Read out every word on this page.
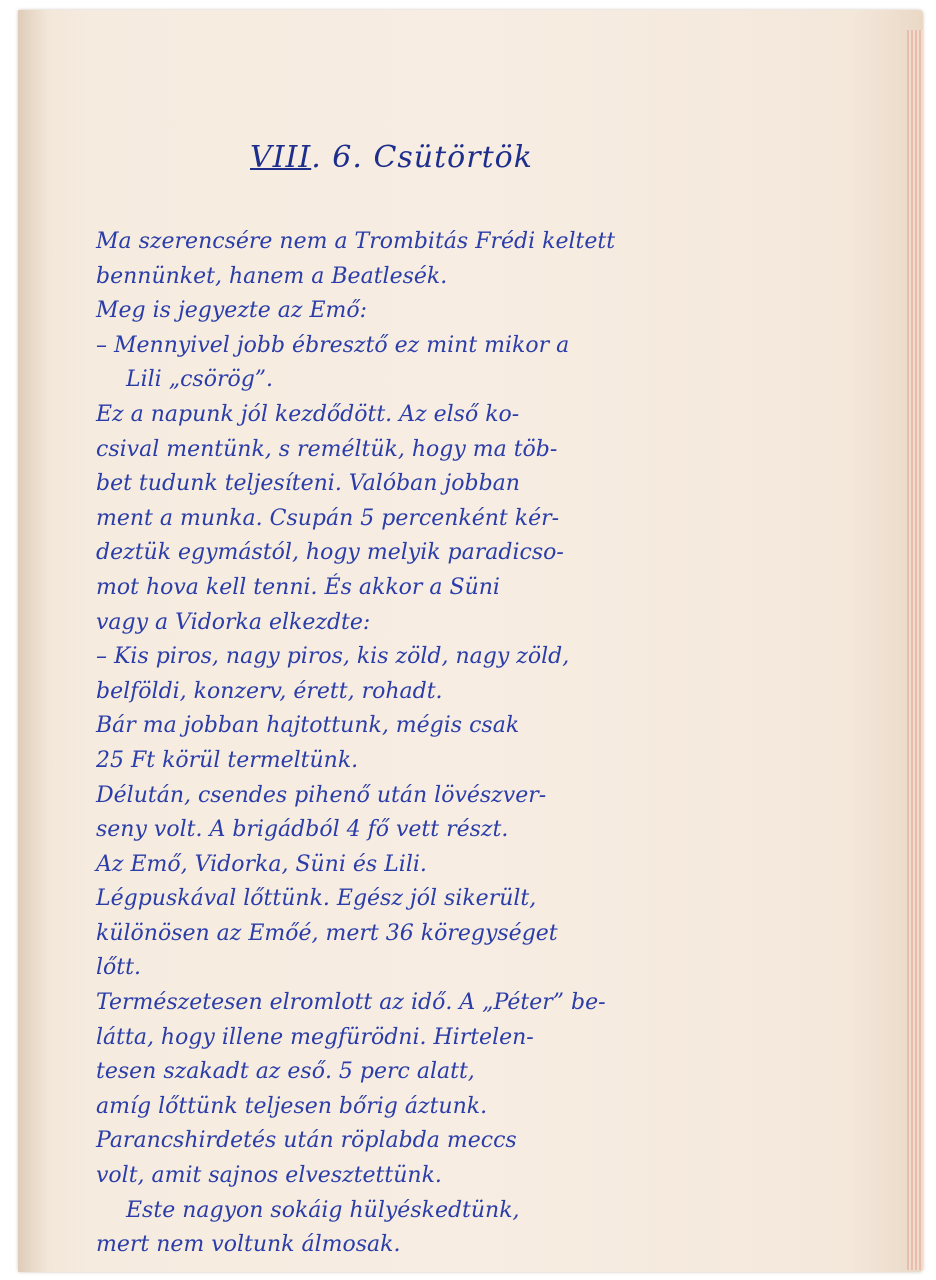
VIII. 6. Csütörtök
Ma szerencsére nem a Trombitás Frédi keltett
bennünket, hanem a Beatlesék.
Meg is jegyezte az Emő:
– Mennyivel jobb ébresztő ez mint mikor a
Lili „csörög”.
Ez a napunk jól kezdődött. Az első ko-
csival mentünk, s reméltük, hogy ma töb-
bet tudunk teljesíteni. Valóban jobban
ment a munka. Csupán 5 percenként kér-
deztük egymástól, hogy melyik paradicso-
mot hova kell tenni. És akkor a Süni
vagy a Vidorka elkezdte:
– Kis piros, nagy piros, kis zöld, nagy zöld,
belföldi, konzerv, érett, rohadt.
Bár ma jobban hajtottunk, mégis csak
25 Ft körül termeltünk.
Délután, csendes pihenő után lövészver-
seny volt. A brigádból 4 fő vett részt.
Az Emő, Vidorka, Süni és Lili.
Légpuskával lőttünk. Egész jól sikerült,
különösen az Emőé, mert 36 köregységet
lőtt.
Természetesen elromlott az idő. A „Péter” be-
látta, hogy illene megfürödni. Hirtelen-
tesen szakadt az eső. 5 perc alatt,
amíg lőttünk teljesen bőrig áztunk.
Parancshirdetés után röplabda meccs
volt, amit sajnos elvesztettünk.
Este nagyon sokáig hülyéskedtünk,
mert nem voltunk álmosak.
